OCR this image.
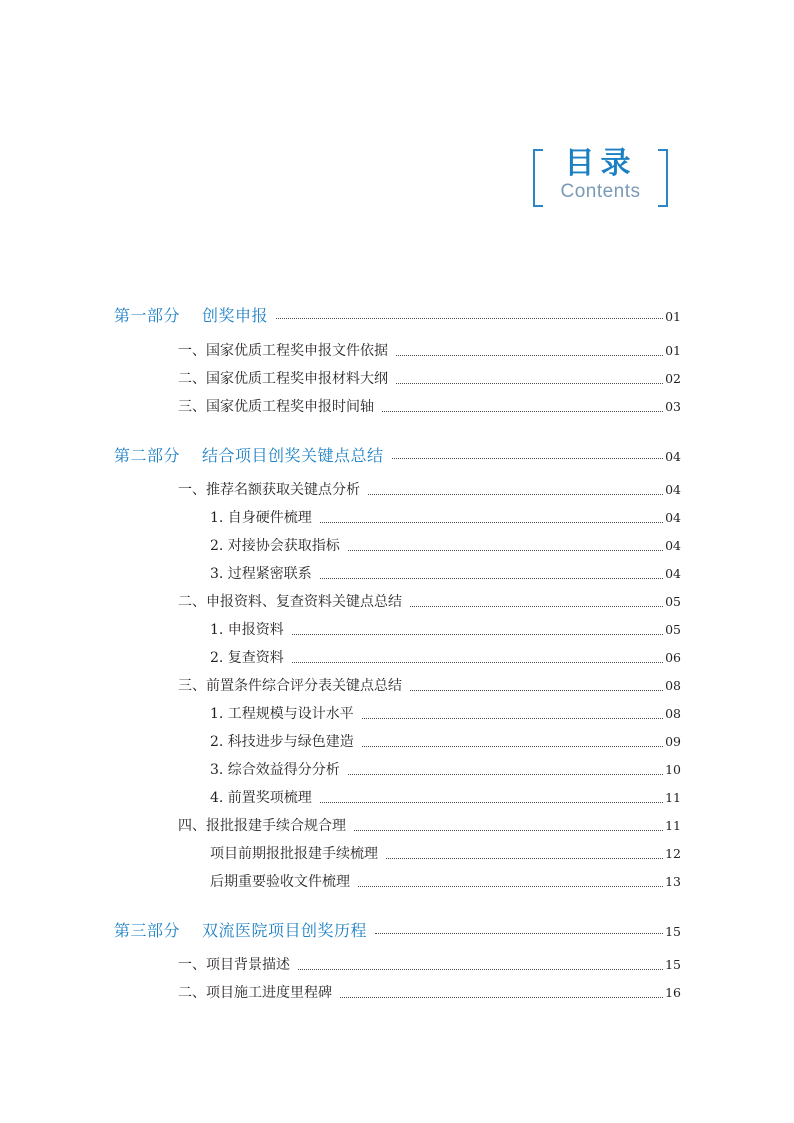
目录
Contents
第一部分 创奖申报	01
一、国家优质工程奖申报文件依据	01
二、国家优质工程奖申报材料大纲	02
三、国家优质工程奖申报时间轴	03
第二部分 结合项目创奖关键点总结	04
一、推荐名额获取关键点分析	04
1. 自身硬件梳理	04
2. 对接协会获取指标	04
3. 过程紧密联系	04
二、申报资料、复查资料关键点总结	05
1. 申报资料	05
2. 复查资料	06
三、前置条件综合评分表关键点总结	08
1. 工程规模与设计水平	08
2. 科技进步与绿色建造	09
3. 综合效益得分分析	10
4. 前置奖项梳理	11
四、报批报建手续合规合理	11
项目前期报批报建手续梳理	12
后期重要验收文件梳理	13
第三部分 双流医院项目创奖历程	15
一、项目背景描述	15
二、项目施工进度里程碑	16
